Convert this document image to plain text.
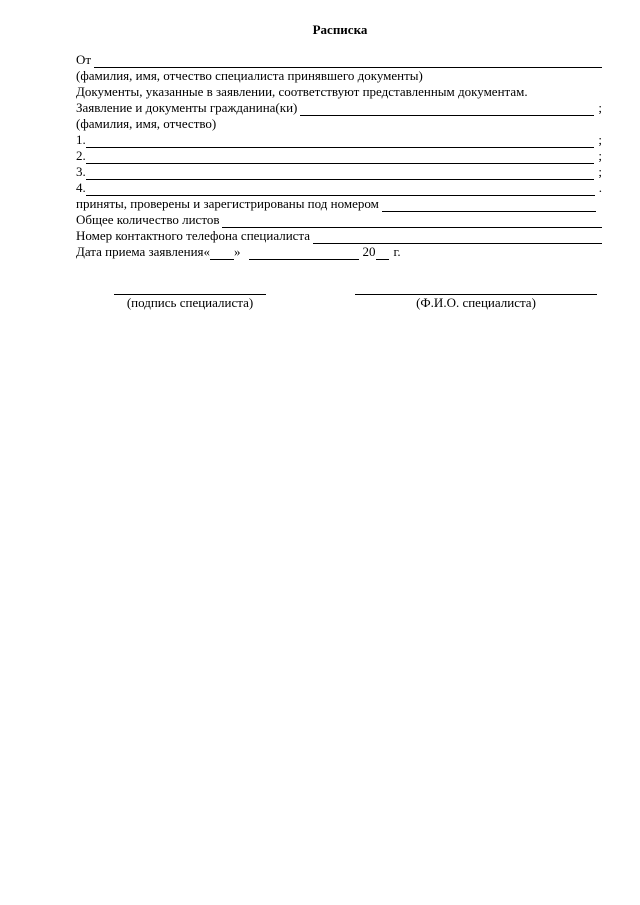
Расписка
От
(фамилия, имя, отчество специалиста принявшего документы)
Документы, указанные в заявлении, соответствуют представленным документам.
Заявление и документы гражданина(ки)	;
(фамилия, имя, отчество)
1.	;
2.	;
3.	;
4.	.
приняты, проверены и зарегистрированы под номером
Общее количество листов
Номер контактного телефона специалиста
Дата приема заявления« »	20 г.
(подпись специалиста)	(Ф.И.О. специалиста)
